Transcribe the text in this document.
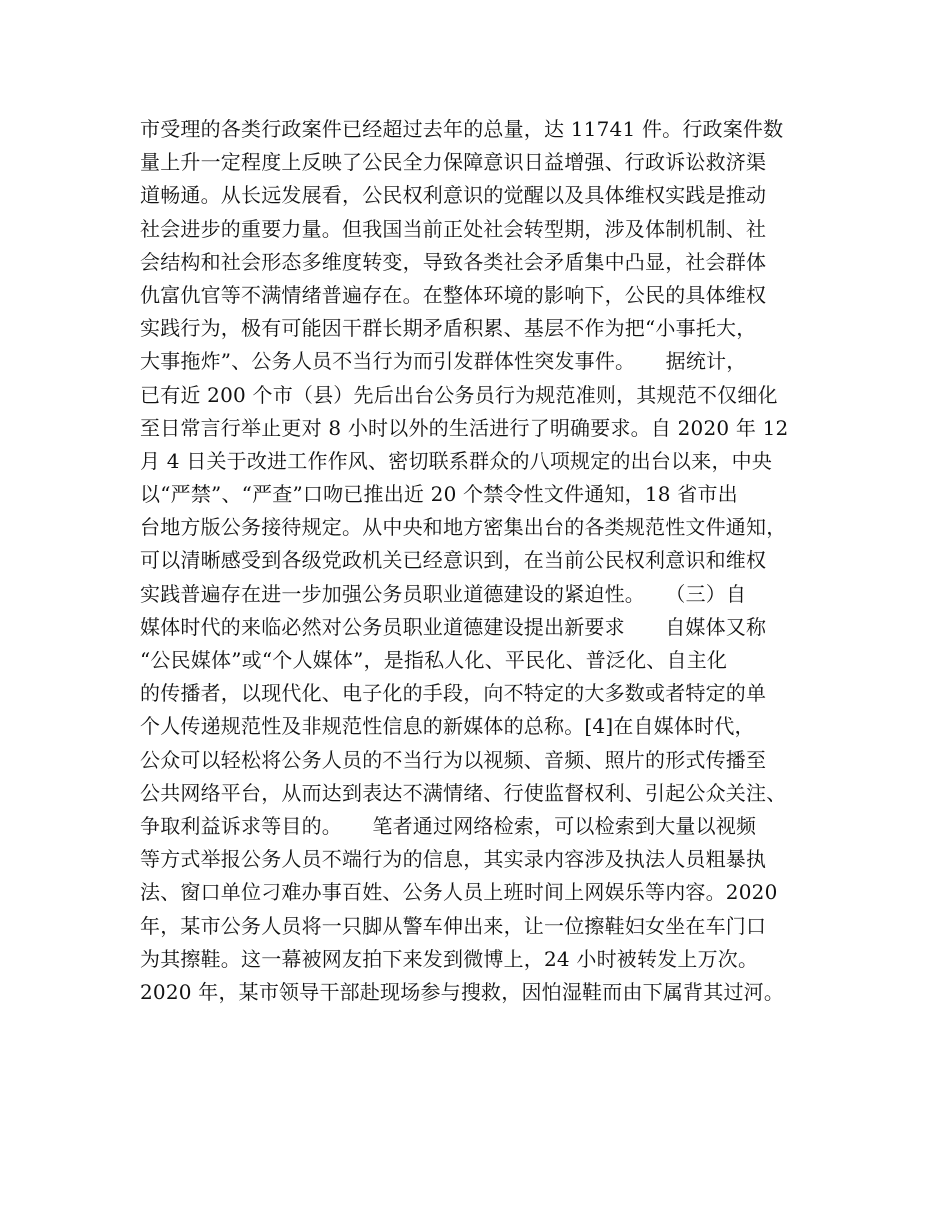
市受理的各类行政案件已经超过去年的总量，达 11741 件。行政案件数
量上升一定程度上反映了公民全力保障意识日益增强、行政诉讼救济渠
道畅通。从长远发展看，公民权利意识的觉醒以及具体维权实践是推动
社会进步的重要力量。但我国当前正处社会转型期，涉及体制机制、社
会结构和社会形态多维度转变，导致各类社会矛盾集中凸显，社会群体
仇富仇官等不满情绪普遍存在。在整体环境的影响下，公民的具体维权
实践行为，极有可能因干群长期矛盾积累、基层不作为把“小事托大，
大事拖炸”、公务人员不当行为而引发群体性突发事件。　　据统计，
已有近 200 个市（县）先后出台公务员行为规范准则，其规范不仅细化
至日常言行举止更对 8 小时以外的生活进行了明确要求。自 2020 年 12
月 4 日关于改进工作作风、密切联系群众的八项规定的出台以来，中央
以“严禁”、“严查”口吻已推出近 20 个禁令性文件通知，18 省市出
台地方版公务接待规定。从中央和地方密集出台的各类规范性文件通知，
可以清晰感受到各级党政机关已经意识到，在当前公民权利意识和维权
实践普遍存在进一步加强公务员职业道德建设的紧迫性。　　（三）自
媒体时代的来临必然对公务员职业道德建设提出新要求　　自媒体又称
“公民媒体”或“个人媒体”，是指私人化、平民化、普泛化、自主化
的传播者，以现代化、电子化的手段，向不特定的大多数或者特定的单
个人传递规范性及非规范性信息的新媒体的总称。[4]在自媒体时代，
公众可以轻松将公务人员的不当行为以视频、音频、照片的形式传播至
公共网络平台，从而达到表达不满情绪、行使监督权利、引起公众关注、
争取利益诉求等目的。　　笔者通过网络检索，可以检索到大量以视频
等方式举报公务人员不端行为的信息，其实录内容涉及执法人员粗暴执
法、窗口单位刁难办事百姓、公务人员上班时间上网娱乐等内容。2020
年，某市公务人员将一只脚从警车伸出来，让一位擦鞋妇女坐在车门口
为其擦鞋。这一幕被网友拍下来发到微博上，24 小时被转发上万次。
2020 年，某市领导干部赴现场参与搜救，因怕湿鞋而由下属背其过河。
